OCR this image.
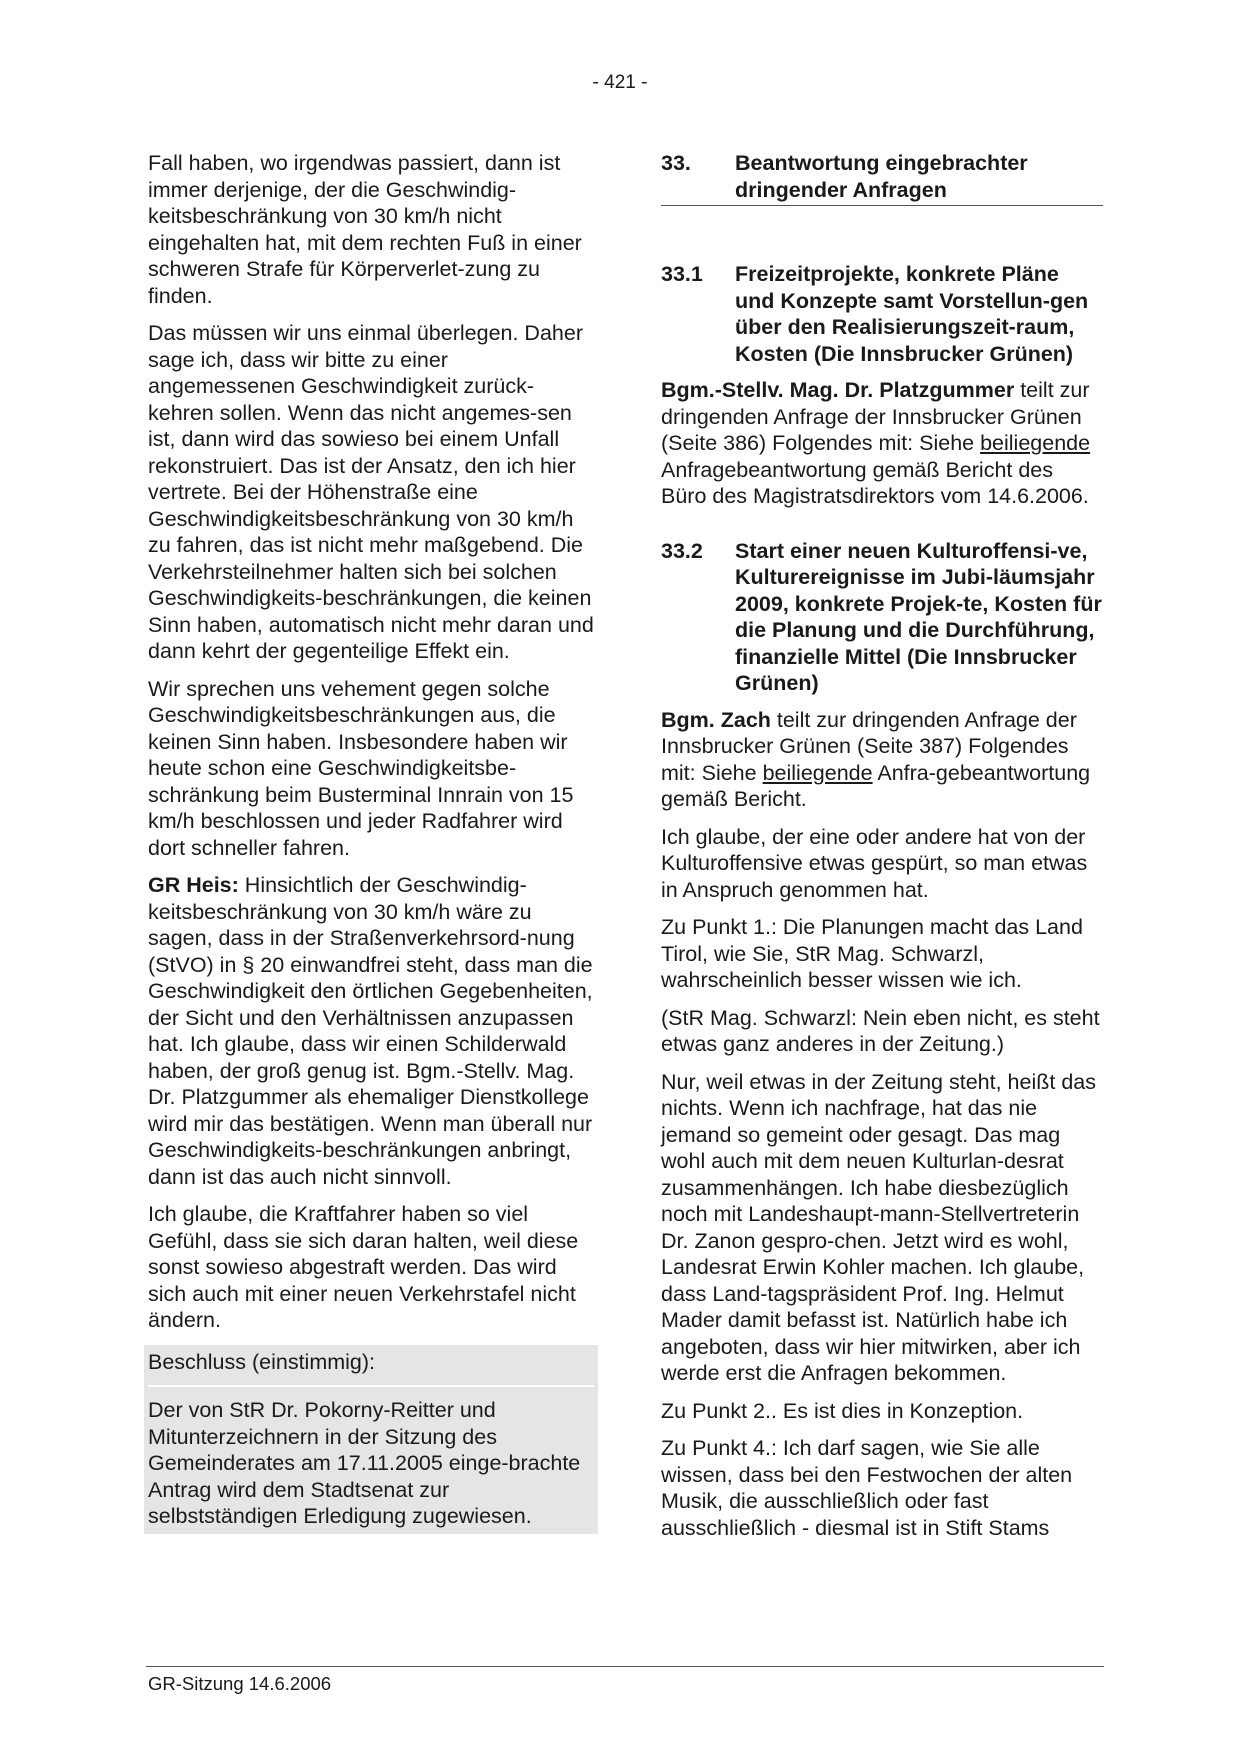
- 421 -

Fall haben, wo irgendwas passiert, dann ist immer derjenige, der die Geschwindig-keitsbeschränkung von 30 km/h nicht eingehalten hat, mit dem rechten Fuß in einer schweren Strafe für Körperverlet-zung zu finden.

Das müssen wir uns einmal überlegen. Daher sage ich, dass wir bitte zu einer angemessenen Geschwindigkeit zurück-kehren sollen. Wenn das nicht angemes-sen ist, dann wird das sowieso bei einem Unfall rekonstruiert. Das ist der Ansatz, den ich hier vertrete. Bei der Höhenstraße eine Geschwindigkeitsbeschränkung von 30 km/h zu fahren, das ist nicht mehr maßgebend. Die Verkehrsteilnehmer halten sich bei solchen Geschwindigkeits-beschränkungen, die keinen Sinn haben, automatisch nicht mehr daran und dann kehrt der gegenteilige Effekt ein.

Wir sprechen uns vehement gegen solche Geschwindigkeitsbeschränkungen aus, die keinen Sinn haben. Insbesondere haben wir heute schon eine Geschwindigkeitsbe-schränkung beim Busterminal Innrain von 15 km/h beschlossen und jeder Radfahrer wird dort schneller fahren.

GR Heis: Hinsichtlich der Geschwindig-keitsbeschränkung von 30 km/h wäre zu sagen, dass in der Straßenverkehrsord-nung (StVO) in § 20 einwandfrei steht, dass man die Geschwindigkeit den örtlichen Gegebenheiten, der Sicht und den Verhältnissen anzupassen hat. Ich glaube, dass wir einen Schilderwald haben, der groß genug ist. Bgm.-Stellv. Mag. Dr. Platzgummer als ehemaliger Dienstkollege wird mir das bestätigen. Wenn man überall nur Geschwindigkeits-beschränkungen anbringt, dann ist das auch nicht sinnvoll.

Ich glaube, die Kraftfahrer haben so viel Gefühl, dass sie sich daran halten, weil diese sonst sowieso abgestraft werden. Das wird sich auch mit einer neuen Verkehrstafel nicht ändern.

Beschluss (einstimmig):
Der von StR Dr. Pokorny-Reitter und Mitunterzeichnern in der Sitzung des Gemeinderates am 17.11.2005 einge-brachte Antrag wird dem Stadtsenat zur selbstständigen Erledigung zugewiesen.
33.	Beantwortung eingebrachter dringender Anfragen
33.1	Freizeitprojekte, konkrete Pläne und Konzepte samt Vorstellun-gen über den Realisierungszeit-raum, Kosten (Die Innsbrucker Grünen)

Bgm.-Stellv. Mag. Dr. Platzgummer teilt zur dringenden Anfrage der Innsbrucker Grünen (Seite 386) Folgendes mit: Siehe beiliegende Anfragebeantwortung gemäß Bericht des Büro des Magistratsdirektors vom 14.6.2006.

33.2	Start einer neuen Kulturoffensi-ve, Kulturereignisse im Jubi-läumsjahr 2009, konkrete Projek-te, Kosten für die Planung und die Durchführung, finanzielle Mittel (Die Innsbrucker Grünen)

Bgm. Zach teilt zur dringenden Anfrage der Innsbrucker Grünen (Seite 387) Folgendes mit: Siehe beiliegende Anfra-gebeantwortung gemäß Bericht.

Ich glaube, der eine oder andere hat von der Kulturoffensive etwas gespürt, so man etwas in Anspruch genommen hat.

Zu Punkt 1.: Die Planungen macht das Land Tirol, wie Sie, StR Mag. Schwarzl, wahrscheinlich besser wissen wie ich.

(StR Mag. Schwarzl: Nein eben nicht, es steht etwas ganz anderes in der Zeitung.)

Nur, weil etwas in der Zeitung steht, heißt das nichts. Wenn ich nachfrage, hat das nie jemand so gemeint oder gesagt. Das mag wohl auch mit dem neuen Kulturlan-desrat zusammenhängen. Ich habe diesbezüglich noch mit Landeshaupt-mann-Stellvertreterin Dr. Zanon gespro-chen. Jetzt wird es wohl, Landesrat Erwin Kohler machen. Ich glaube, dass Land-tagspräsident Prof. Ing. Helmut Mader damit befasst ist. Natürlich habe ich angeboten, dass wir hier mitwirken, aber ich werde erst die Anfragen bekommen.

Zu Punkt 2.. Es ist dies in Konzeption.

Zu Punkt 4.: Ich darf sagen, wie Sie alle wissen, dass bei den Festwochen der alten Musik, die ausschließlich oder fast ausschließlich - diesmal ist in Stift Stams

GR-Sitzung 14.6.2006
